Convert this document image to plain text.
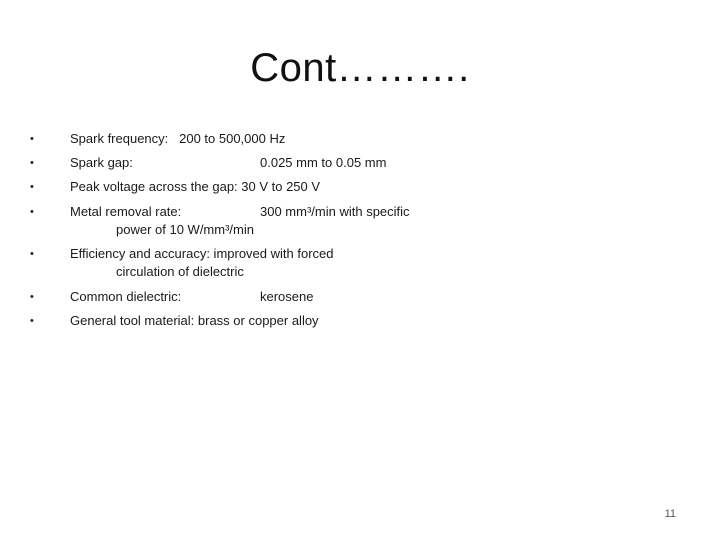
Cont……….
•	Spark frequency:   200 to 500,000 Hz
•	Spark gap:	0.025 mm to 0.05 mm
•	Peak voltage across the gap: 30 V to 250 V
•	Metal removal rate:	300 mm³/min with specific
power of 10 W/mm³/min
•	Efficiency and accuracy: improved with forced
circulation of dielectric
•	Common dielectric:	kerosene
•	General tool material: brass or copper alloy
11
